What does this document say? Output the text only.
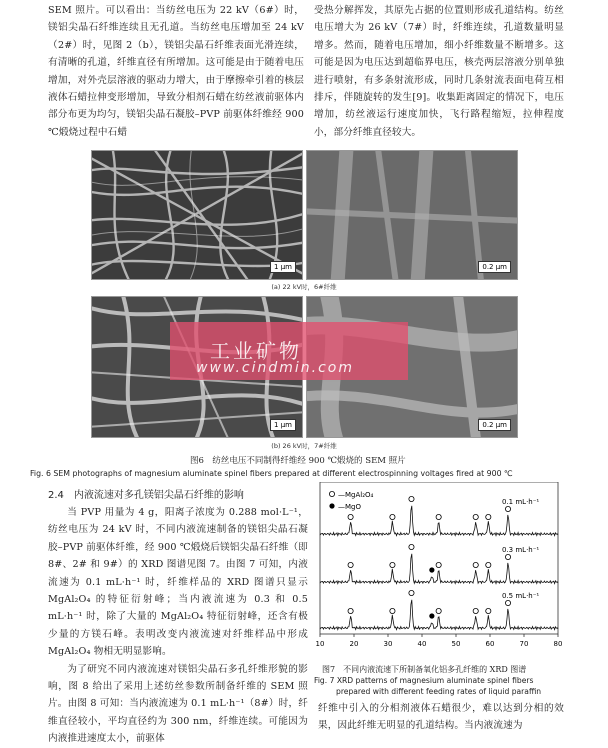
SEM 照片。可以看出：当纺丝电压为 22 kV（6#）时，镁铝尖晶石纤维连续且无孔道。当纺丝电压增加至 24 kV（2#）时，见图 2（b），镁铝尖晶石纤维表面光滑连续，有清晰的孔道，纤维直径有所增加。这可能是由于随着电压增加，对外壳层溶液的驱动力增大，由于摩擦牵引着的核层液体石蜡拉伸变形增加，导致分相剂石蜡在纺丝液前驱体内部分布更为均匀，镁铝尖晶石凝胶–PVP 前驱体纤维经 900 ℃煅烧过程中石蜡

受热分解挥发，其原先占据的位置则形成孔道结构。纺丝电压增大为 26 kV（7#）时，纤维连续，孔道数量明显增多。然而，随着电压增加，细小纤维数量不断增多。这可能是因为电压达到超临界电压，核壳两层溶液分别单独进行喷射，有多条射流形成，同时几条射流表面电荷互相排斥，伴随旋转的发生[9]。收集距离固定的情况下，电压增加，纺丝液运行速度加快，飞行路程缩短，拉伸程度小，部分纤维直径较大。

1 μm	0.2 μm
(a) 22 kV时，6#纤维
1 μm	0.2 μm
(b) 26 kV时，7#纤维
工业矿物
www.cindmin.com
图6　纺丝电压不同制得纤维经 900 ℃煅烧的 SEM 照片
Fig. 6 SEM photographs of magnesium aluminate spinel fibers prepared at different electrospinning voltages fired at 900 ℃
2.4　内液流速对多孔镁铝尖晶石纤维的影响

当 PVP 用量为 4 g，阳离子浓度为 0.288 mol·L⁻¹，纺丝电压为 24 kV 时，不同内液流速制备的镁铝尖晶石凝胶–PVP 前驱体纤维，经 900 ℃煅烧后镁铝尖晶石纤维（即 8#、2# 和 9#）的 XRD 图谱见图 7。由图 7 可知，内液流速为 0.1 mL·h⁻¹ 时，纤维样品的 XRD 图谱只显示 MgAl₂O₄ 的特征衍射峰；当内液流速为 0.3 和 0.5 mL·h⁻¹ 时，除了大量的 MgAl₂O₄ 特征衍射峰，还含有极少量的方镁石峰。表明改变内液流速对纤维样品中形成 MgAl₂O₄ 物相无明显影响。

为了研究不同内液流速对镁铝尖晶石多孔纤维形貌的影响，图 8 给出了采用上述纺丝参数所制备纤维的 SEM 照片。由图 8 可知：当内液流速为 0.1 mL·h⁻¹（8#）时，纤维直径较小，平均直径约为 300 nm，纤维连续。可能因为内液推进速度太小，前驱体

0.1 mL·h⁻¹
0.3 mL·h⁻¹
0.5 mL·h⁻¹
10	20	30	40	50	60	70	80
—MgAl₂O₄
—MgO
图7　不同内液流速下所制备氧化铝多孔纤维的 XRD 图谱
Fig. 7 XRD patterns of magnesium aluminate spinel fibers
prepared with different feeding rates of liquid paraffin

纤维中引入的分相剂液体石蜡很少，难以达到分相的效果，因此纤维无明显的孔道结构。当内液流速为
